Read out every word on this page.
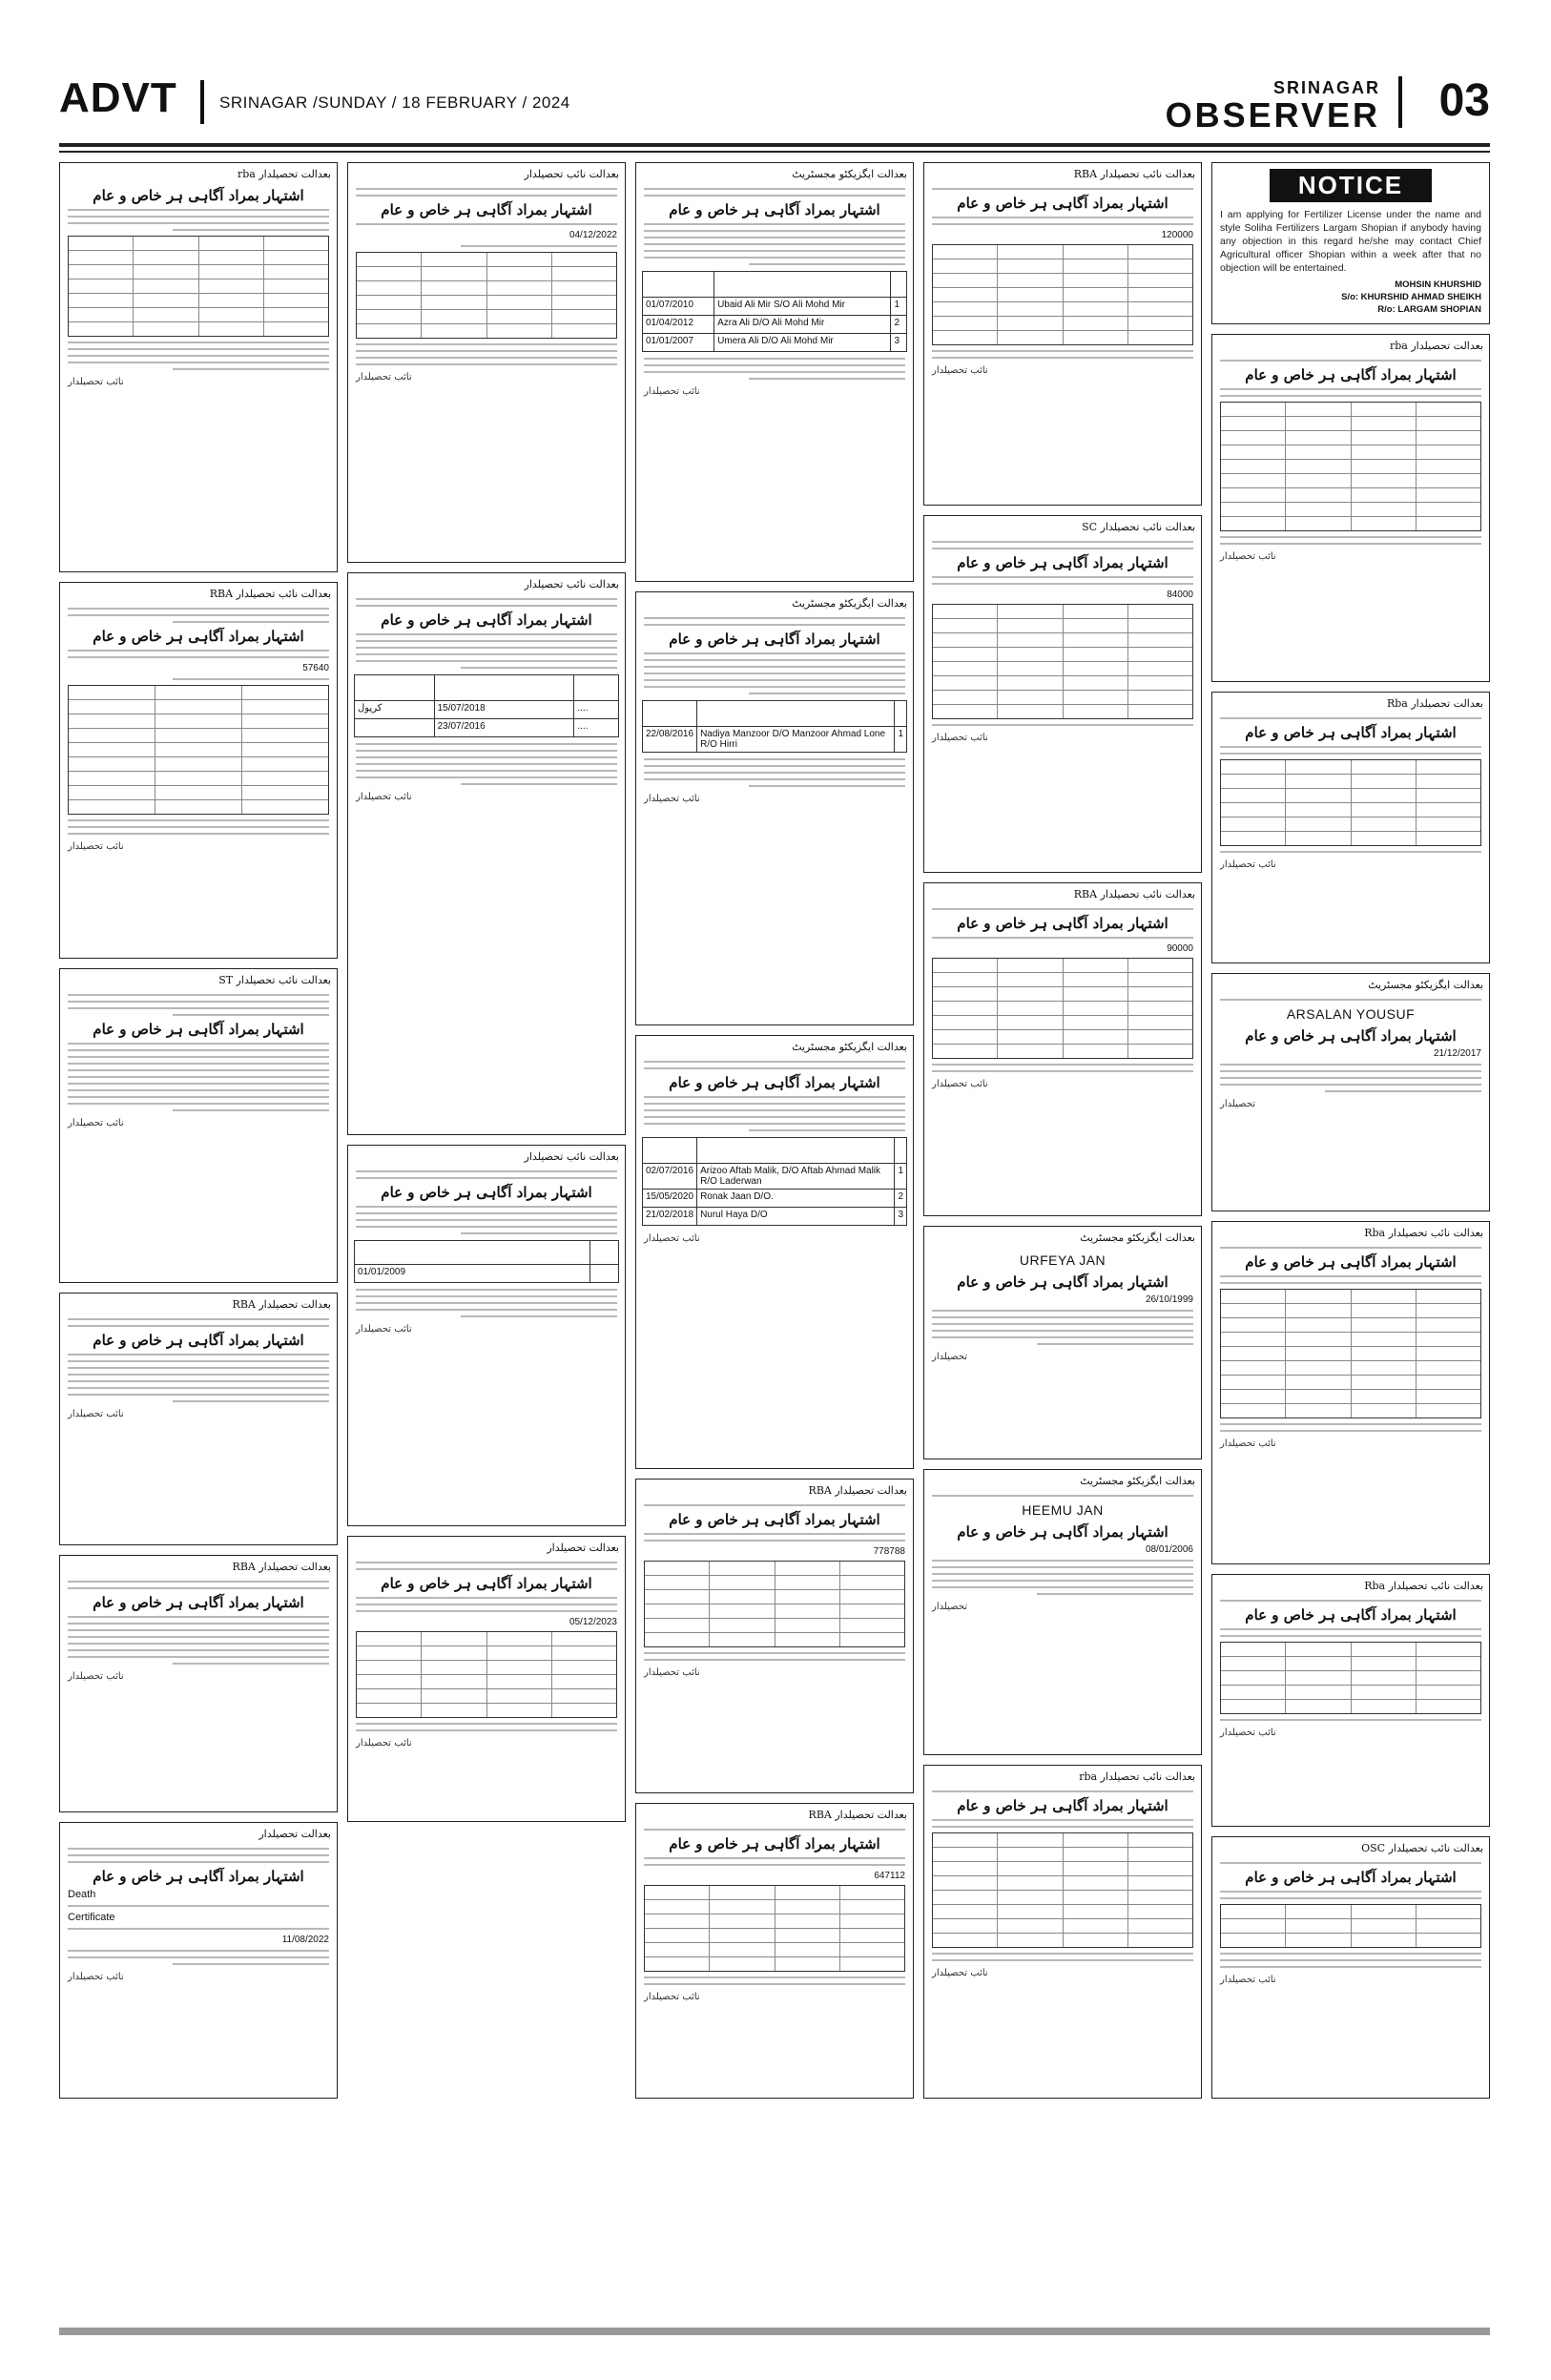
ADVT	SRINAGAR /SUNDAY / 18 FEBRUARY / 2024
SRINAGAR
OBSERVER 03
بعدالت تحصیلدار rba
اشتہار بمراد آگاہی ہر خاص و عام
نائب تحصیلدار
بعدالت نائب تحصیلدار RBA
اشتہار بمراد آگاہی ہر خاص و عام
57640
نائب تحصیلدار
بعدالت نائب تحصیلدار ST
اشتہار بمراد آگاہی ہر خاص و عام
نائب تحصیلدار
بعدالت تحصیلدار RBA
اشتہار بمراد آگاہی ہر خاص و عام
نائب تحصیلدار
بعدالت تحصیلدار RBA
اشتہار بمراد آگاہی ہر خاص و عام
نائب تحصیلدار
بعدالت تحصیلدار
اشتہار بمراد آگاہی ہر خاص و عام
Death
Certificate
11/08/2022
نائب تحصیلدار
بعدالت نائب تحصیلدار
اشتہار بمراد آگاہی ہر خاص و عام
04/12/2022
نائب تحصیلدار
بعدالت نائب تحصیلدار
اشتہار بمراد آگاہی ہر خاص و عام

کرپول	15/07/2018	....
	23/07/2016	....
نائب تحصیلدار
بعدالت نائب تحصیلدار
اشتہار بمراد آگاہی ہر خاص و عام

01/01/2009	
نائب تحصیلدار
بعدالت تحصیلدار
اشتہار بمراد آگاہی ہر خاص و عام
05/12/2023
نائب تحصیلدار
بعدالت ایگزیکٹو مجسٹریٹ
اشتہار بمراد آگاہی ہر خاص و عام

01/07/2010	Ubaid Ali Mir S/O Ali Mohd Mir	1
01/04/2012	Azra Ali D/O Ali Mohd Mir	2
01/01/2007	Umera Ali D/O Ali Mohd Mir	3
نائب تحصیلدار
بعدالت ایگزیکٹو مجسٹریٹ
اشتہار بمراد آگاہی ہر خاص و عام

22/08/2016	Nadiya Manzoor D/O Manzoor Ahmad Lone R/O Hirri	1
نائب تحصیلدار
بعدالت ایگزیکٹو مجسٹریٹ
اشتہار بمراد آگاہی ہر خاص و عام

02/07/2016	Arizoo Aftab Malik, D/O Aftab Ahmad Malik R/O Laderwan	1
15/05/2020	Ronak Jaan D/O.	2
21/02/2018	Nurul Haya D/O	3
نائب تحصیلدار
بعدالت تحصیلدار RBA
اشتہار بمراد آگاہی ہر خاص و عام
778788
نائب تحصیلدار
بعدالت تحصیلدار RBA
اشتہار بمراد آگاہی ہر خاص و عام
647112
نائب تحصیلدار
بعدالت نائب تحصیلدار RBA
اشتہار بمراد آگاہی ہر خاص و عام
120000
نائب تحصیلدار
بعدالت نائب تحصیلدار SC
اشتہار بمراد آگاہی ہر خاص و عام
84000
نائب تحصیلدار
بعدالت نائب تحصیلدار RBA
اشتہار بمراد آگاہی ہر خاص و عام
90000
نائب تحصیلدار
بعدالت ایگزیکٹو مجسٹریٹ
URFEYA JAN
اشتہار بمراد آگاہی ہر خاص و عام
26/10/1999
تحصیلدار
بعدالت ایگزیکٹو مجسٹریٹ
HEEMU JAN
اشتہار بمراد آگاہی ہر خاص و عام
08/01/2006
تحصیلدار
بعدالت نائب تحصیلدار rba
اشتہار بمراد آگاہی ہر خاص و عام
نائب تحصیلدار
NOTICE
I am applying for Fertilizer License under the name and style Soliha Fertilizers Largam Shopian if anybody having any objection in this regard he/she may contact Chief Agricultural officer Shopian within a week after that no objection will be entertained.
MOHSIN KHURSHID
S/o: KHURSHID AHMAD SHEIKH
R/o: LARGAM SHOPIAN
بعدالت تحصیلدار rba
اشتہار بمراد آگاہی ہر خاص و عام
نائب تحصیلدار
بعدالت تحصیلدار Rba
اشتہار بمراد آگاہی ہر خاص و عام
نائب تحصیلدار
بعدالت ایگزیکٹو مجسٹریٹ
ARSALAN YOUSUF
اشتہار بمراد آگاہی ہر خاص و عام
21/12/2017
تحصیلدار
بعدالت نائب تحصیلدار Rba
اشتہار بمراد آگاہی ہر خاص و عام
نائب تحصیلدار
بعدالت نائب تحصیلدار Rba
اشتہار بمراد آگاہی ہر خاص و عام
نائب تحصیلدار
بعدالت نائب تحصیلدار OSC
اشتہار بمراد آگاہی ہر خاص و عام
نائب تحصیلدار
